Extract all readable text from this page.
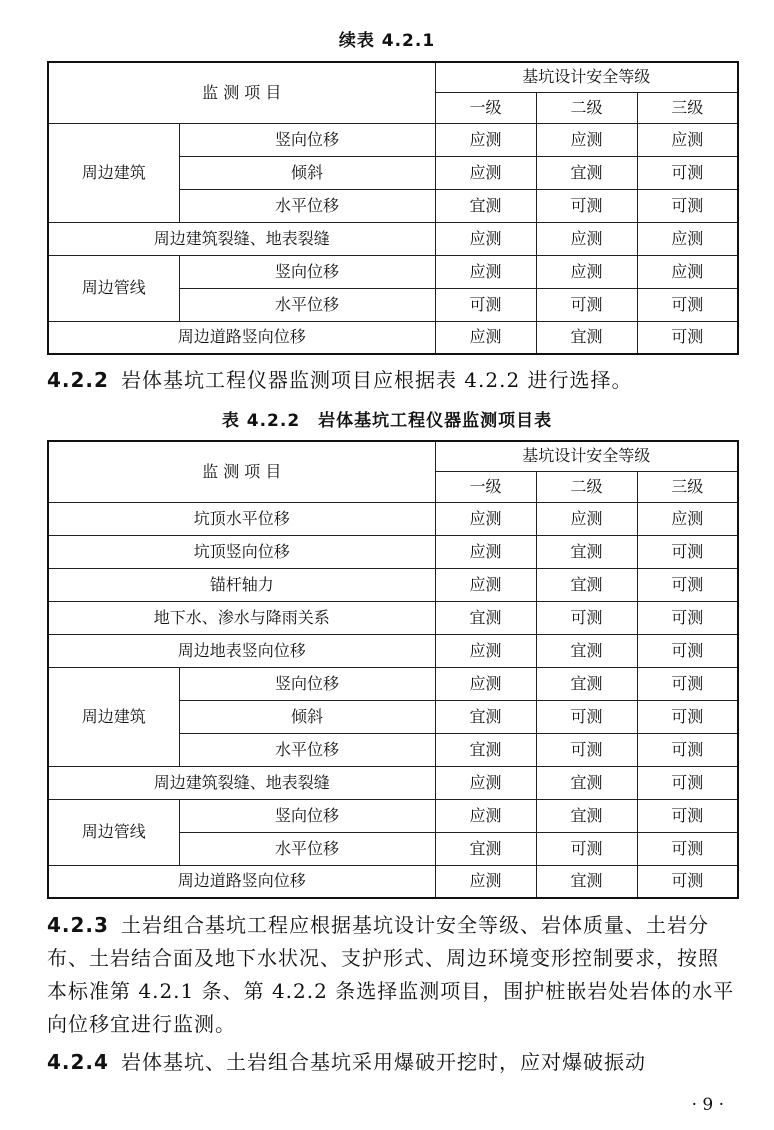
续表 4.2.1
监 测 项 目		基坑设计安全等级		
		一级	二级	三级
周边建筑	竖向位移	应测	应测	应测
	倾斜	应测	宜测	可测
	水平位移	宜测	可测	可测
周边建筑裂缝、地表裂缝		应测	应测	应测
周边管线	竖向位移	应测	应测	应测
	水平位移	可测	可测	可测
周边道路竖向位移		应测	宜测	可测
4.2.2 岩体基坑工程仪器监测项目应根据表 4.2.2 进行选择。
表 4.2.2　岩体基坑工程仪器监测项目表
监 测 项 目		基坑设计安全等级		
		一级	二级	三级
坑顶水平位移		应测	应测	应测
坑顶竖向位移		应测	宜测	可测
锚杆轴力		应测	宜测	可测
地下水、渗水与降雨关系		宜测	可测	可测
周边地表竖向位移		应测	宜测	可测
周边建筑	竖向位移	应测	宜测	可测
	倾斜	宜测	可测	可测
	水平位移	宜测	可测	可测
周边建筑裂缝、地表裂缝		应测	宜测	可测
周边管线	竖向位移	应测	宜测	可测
	水平位移	宜测	可测	可测
周边道路竖向位移		应测	宜测	可测
4.2.3 土岩组合基坑工程应根据基坑设计安全等级、岩体质量、土岩分布、土岩结合面及地下水状况、支护形式、周边环境变形控制要求，按照本标准第 4.2.1 条、第 4.2.2 条选择监测项目，围护桩嵌岩处岩体的水平向位移宜进行监测。
4.2.4 岩体基坑、土岩组合基坑采用爆破开挖时，应对爆破振动
· 9 ·
